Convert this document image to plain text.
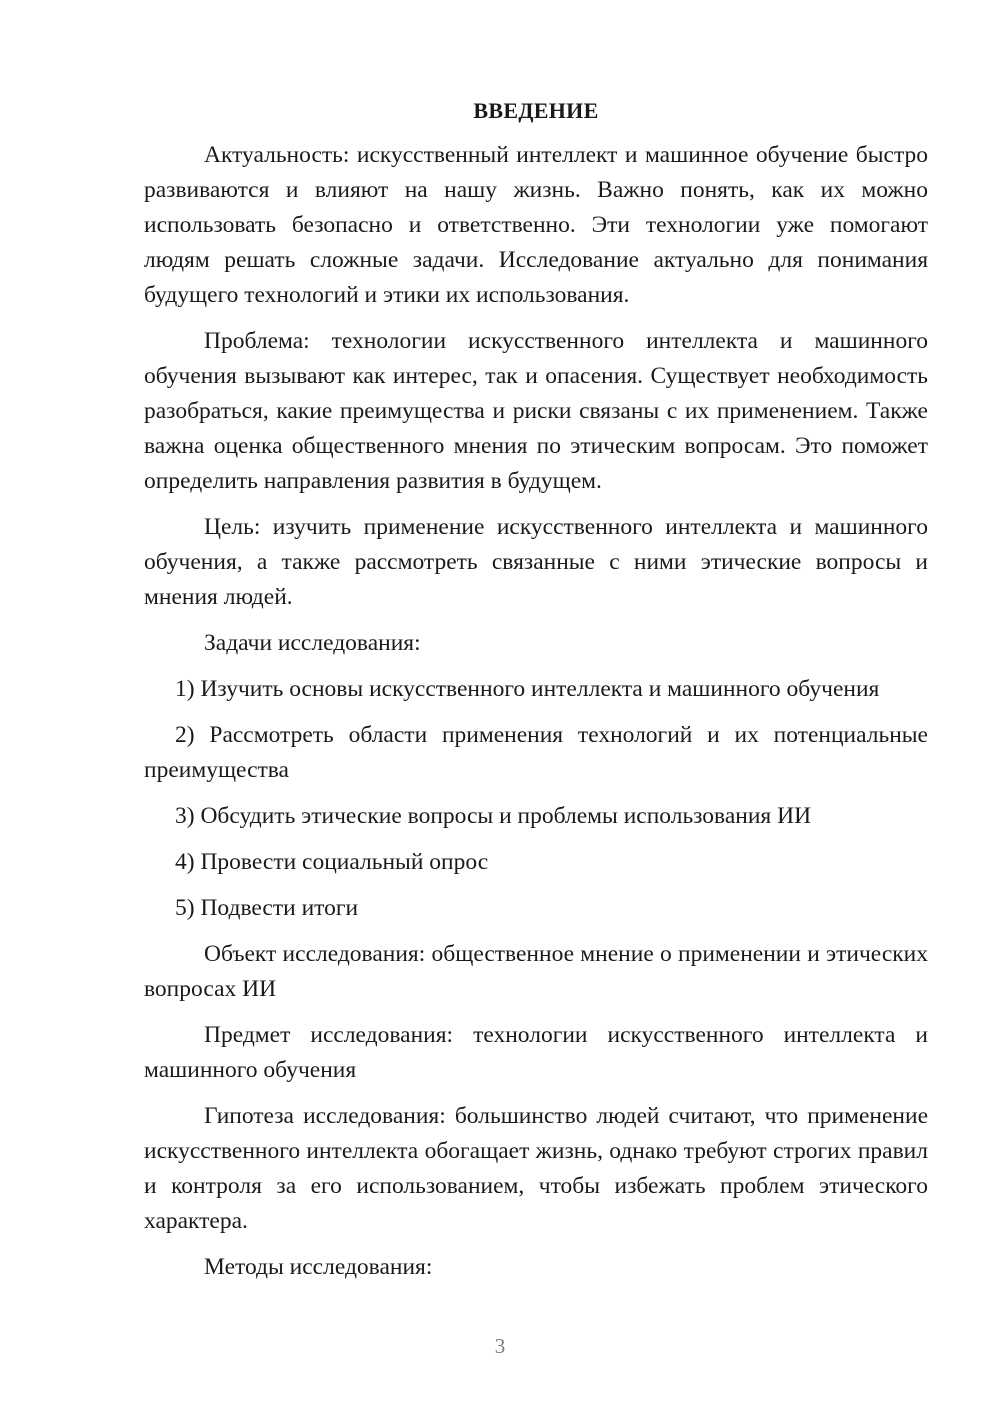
ВВЕДЕНИЕ

Актуальность: искусственный интеллект и машинное обучение быстро развиваются и влияют на нашу жизнь. Важно понять, как их можно использовать безопасно и ответственно. Эти технологии уже помогают людям решать сложные задачи. Исследование актуально для понимания будущего технологий и этики их использования.

Проблема: технологии искусственного интеллекта и машинного обучения вызывают как интерес, так и опасения. Существует необходимость разобраться, какие преимущества и риски связаны с их применением. Также важна оценка общественного мнения по этическим вопросам. Это поможет определить направления развития в будущем.

Цель: изучить применение искусственного интеллекта и машинного обучения, а также рассмотреть связанные с ними этические вопросы и мнения людей.

Задачи исследования:

1) Изучить основы искусственного интеллекта и машинного обучения

2) Рассмотреть области применения технологий и их потенциальные преимущества

3) Обсудить этические вопросы и проблемы использования ИИ

4) Провести социальный опрос

5) Подвести итоги

Объект исследования: общественное мнение о применении и этических вопросах ИИ

Предмет исследования: технологии искусственного интеллекта и машинного обучения

Гипотеза исследования: большинство людей считают, что применение искусственного интеллекта обогащает жизнь, однако требуют строгих правил и контроля за его использованием, чтобы избежать проблем этического характера.

Методы исследования:

3
